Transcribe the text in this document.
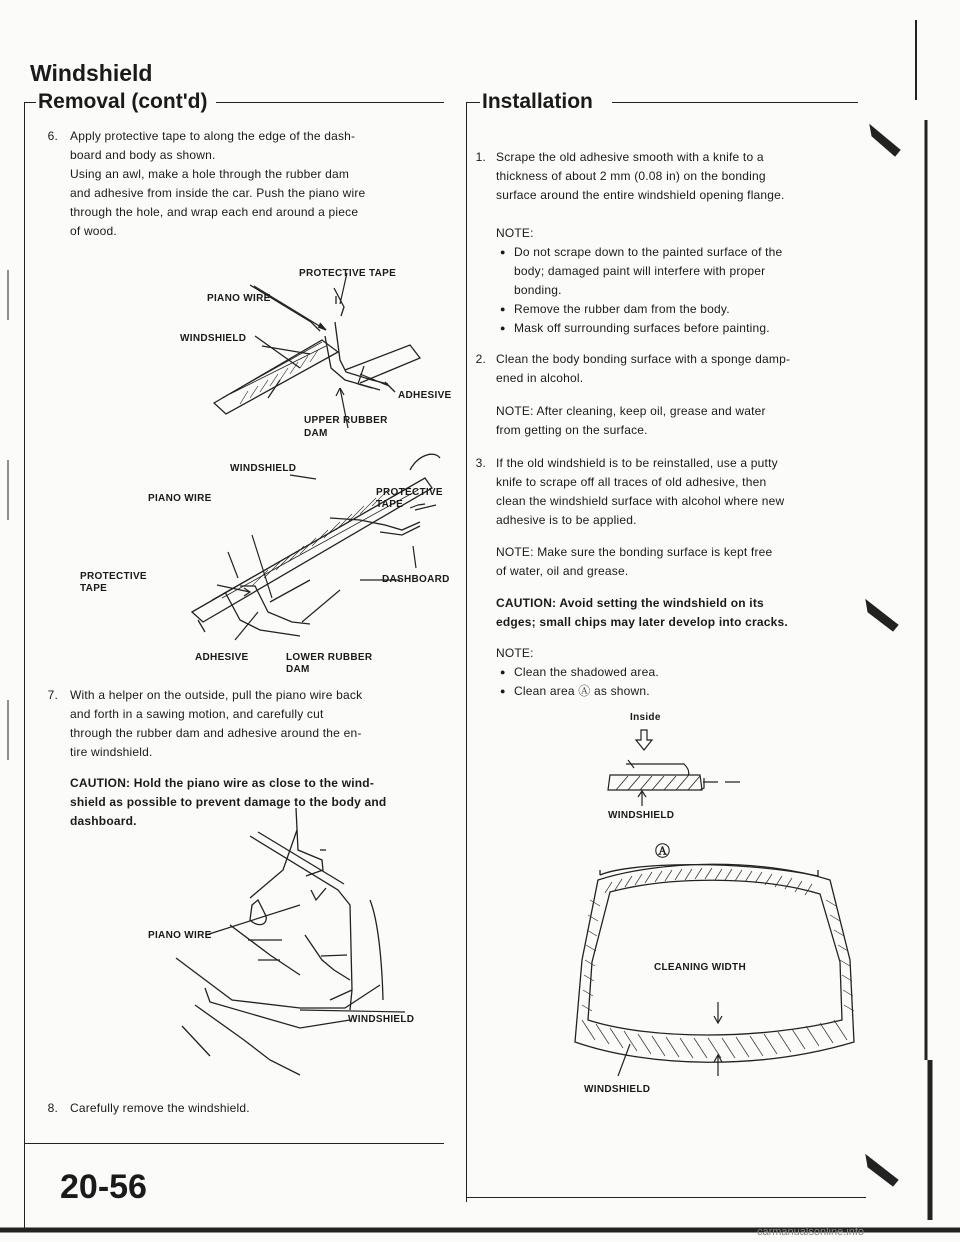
Windshield
Removal (cont'd)
6. Apply protective tape to along the edge of the dash-
board and body as shown.
Using an awl, make a hole through the rubber dam
and adhesive from inside the car. Push the piano wire
through the hole, and wrap each end around a piece
of wood.
PROTECTIVE TAPE
PIANO WIRE
WINDSHIELD
ADHESIVE
UPPER RUBBER
DAM
WINDSHIELD
PIANO WIRE
PROTECTIVE
TAPE
PROTECTIVE
TAPE
DASHBOARD
ADHESIVE	LOWER RUBBER
DAM
7. With a helper on the outside, pull the piano wire back
and forth in a sawing motion, and carefully cut
through the rubber dam and adhesive around the en-
tire windshield.
CAUTION: Hold the piano wire as close to the wind-
shield as possible to prevent damage to the body and
dashboard.
PIANO WIRE
WINDSHIELD
8. Carefully remove the windshield.
Installation
1. Scrape the old adhesive smooth with a knife to a
thickness of about 2 mm (0.08 in) on the bonding
surface around the entire windshield opening flange.
NOTE:
● Do not scrape down to the painted surface of the
body; damaged paint will interfere with proper
bonding.
● Remove the rubber dam from the body.
● Mask off surrounding surfaces before painting.
2. Clean the body bonding surface with a sponge damp-
ened in alcohol.
NOTE: After cleaning, keep oil, grease and water
from getting on the surface.
3. If the old windshield is to be reinstalled, use a putty
knife to scrape off all traces of old adhesive, then
clean the windshield surface with alcohol where new
adhesive is to be applied.
NOTE: Make sure the bonding surface is kept free
of water, oil and grease.
CAUTION: Avoid setting the windshield on its
edges; small chips may later develop into cracks.
NOTE:
● Clean the shadowed area.
● Clean area Ⓐ as shown.
Inside
WINDSHIELD
Ⓐ
CLEANING WIDTH
WINDSHIELD
20-56
carmanualsonline.info
